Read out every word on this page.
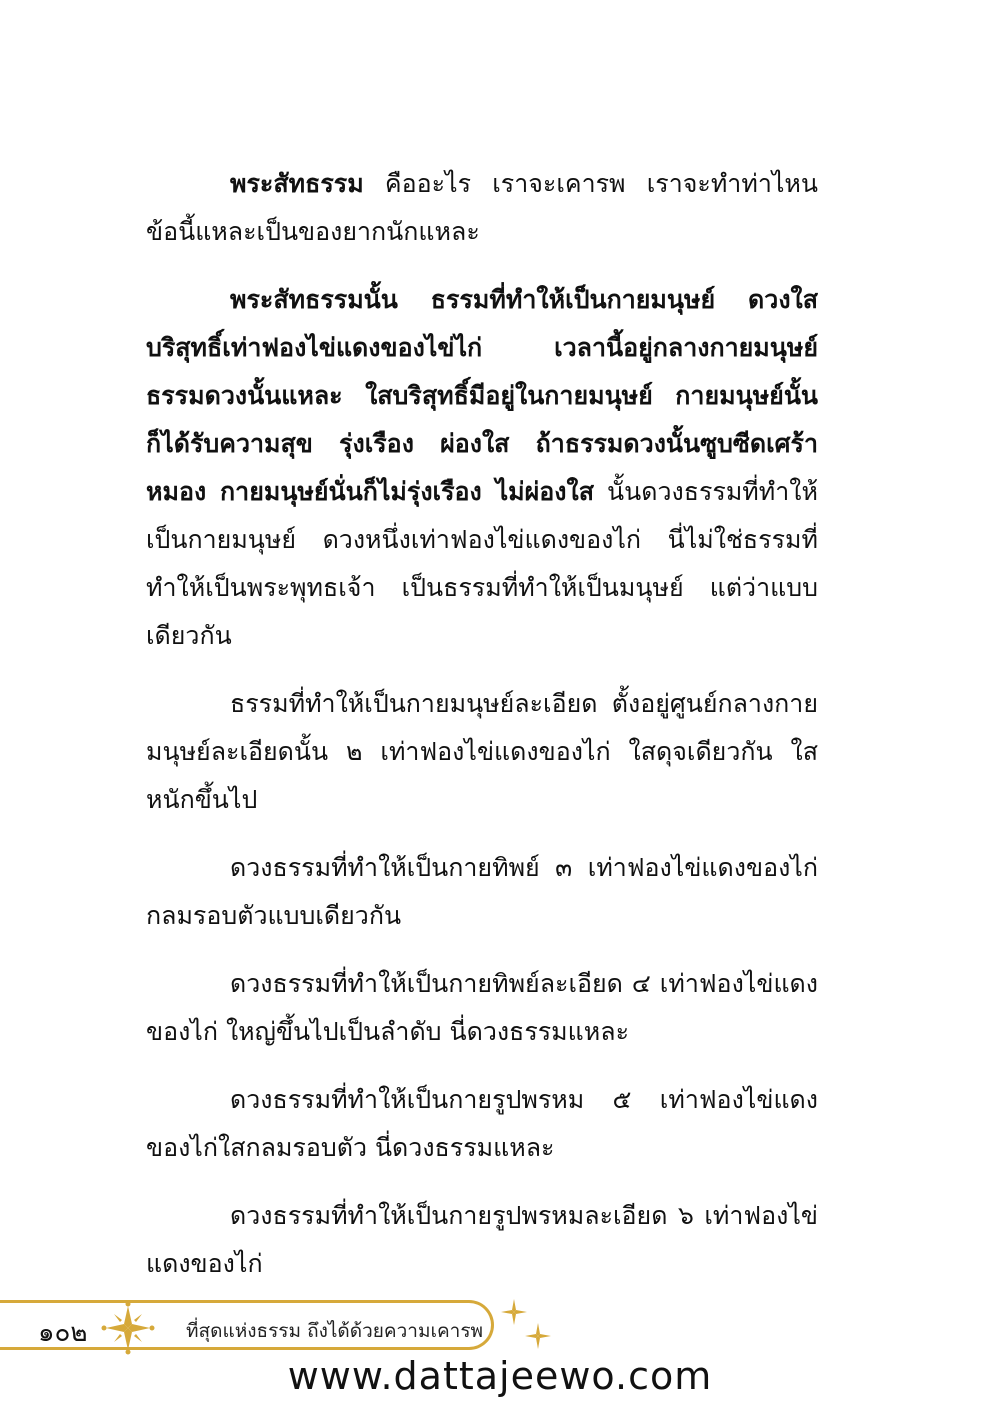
พระสัทธรรม คืออะไร เราจะเคารพ เราจะทำท่าไหน ข้อนี้แหละเป็นของยากนักแหละ

พระสัทธรรมนั้น ธรรมที่ทำให้เป็นกายมนุษย์ ดวงใสบริสุทธิ์เท่าฟองไข่แดงของไข่ไก่ เวลานี้อยู่กลางกายมนุษย์ ธรรมดวงนั้นแหละ ใสบริสุทธิ์มีอยู่ในกายมนุษย์ กายมนุษย์นั้นก็ได้รับความสุข รุ่งเรือง ผ่องใส ถ้าธรรมดวงนั้นซูบซีดเศร้าหมอง กายมนุษย์นั่นก็ไม่รุ่งเรือง ไม่ผ่องใส นั้นดวงธรรมที่ทำให้เป็นกายมนุษย์ ดวงหนึ่งเท่าฟองไข่แดงของไก่ นี่ไม่ใช่ธรรมที่ทำให้เป็นพระพุทธเจ้า เป็นธรรมที่ทำให้เป็นมนุษย์ แต่ว่าแบบเดียวกัน

ธรรมที่ทำให้เป็นกายมนุษย์ละเอียด ตั้งอยู่ศูนย์กลางกายมนุษย์ละเอียดนั้น ๒ เท่าฟองไข่แดงของไก่ ใสดุจเดียวกัน ใสหนักขึ้นไป

ดวงธรรมที่ทำให้เป็นกายทิพย์ ๓ เท่าฟองไข่แดงของไก่ กลมรอบตัวแบบเดียวกัน

ดวงธรรมที่ทำให้เป็นกายทิพย์ละเอียด ๔ เท่าฟองไข่แดงของไก่ ใหญ่ขึ้นไปเป็นลำดับ นี่ดวงธรรมแหละ

ดวงธรรมที่ทำให้เป็นกายรูปพรหม ๕ เท่าฟองไข่แดงของไก่ใสกลมรอบตัว นี่ดวงธรรมแหละ

ดวงธรรมที่ทำให้เป็นกายรูปพรหมละเอียด ๖ เท่าฟองไข่แดงของไก่

๑๐๒	ที่สุดแห่งธรรม ถึงได้ด้วยความเคารพ
www.dattajeewo.com
